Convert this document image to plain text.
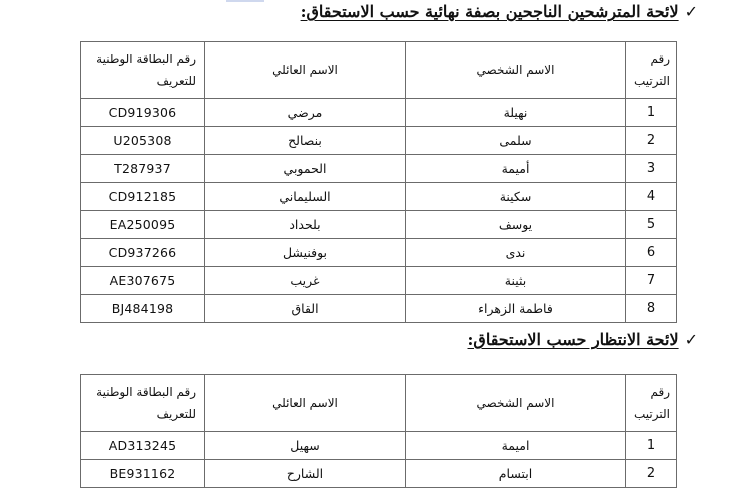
✓
لائحة المترشحين الناجحين بصفة نهائية حسب الاستحقاق:
رقم البطاقة الوطنية
للتعريف	الاسم العائلي	الاسم الشخصي	رقم
الترتيب
CD919306	مرضي	نهيلة	1
U205308	بنصالح	سلمى	2
T287937	الحموبي	أميمة	3
CD912185	السليماني	سكينة	4
EA250095	بلحداد	يوسف	5
CD937266	بوفنيشل	ندى	6
AE307675	غريب	بثينة	7
BJ484198	القاق	فاطمة الزهراء	8
✓
لائحة الانتظار حسب الاستحقاق:
رقم البطاقة الوطنية
للتعريف	الاسم العائلي	الاسم الشخصي	رقم
الترتيب
AD313245	سهيل	اميمة	1
BE931162	الشارح	ابتسام	2
